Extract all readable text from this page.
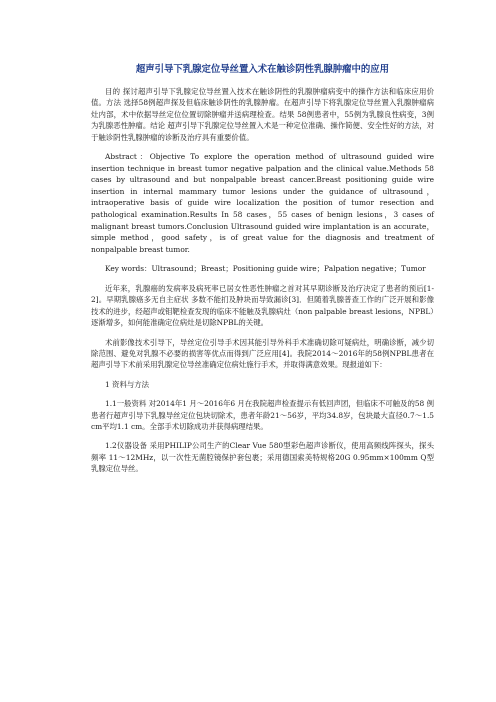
超声引导下乳腺定位导丝置入术在触诊阴性乳腺肿瘤中的应用

目的 探讨超声引导下乳腺定位导丝置入技术在触诊阴性的乳腺肿瘤病变中的操作方法和临床应用价值。方法 选择58例超声探及但临床触诊阴性的乳腺肿瘤。在超声引导下将乳腺定位导丝置入乳腺肿瘤病灶内部，术中依据导丝定位位置切除肿瘤并送病理检查。结果 58例患者中，55例为乳腺良性病变，3例为乳腺恶性肿瘤。结论 超声引导下乳腺定位导丝置入术是一种定位准确、操作简便、安全性好的方法，对于触诊阴性乳腺肿瘤的诊断及治疗具有重要价值。

Abstract：Objective To explore the operation method of ultrasound guided wire insertion technique in breast tumor negative palpation and the clinical value.Methods 58 cases by ultrasound and but nonpalpable breast cancer.Breast positioning guide wire insertion in internal mammary tumor lesions under the guidance of ultrasound，intraoperative basis of guide wire localization the position of tumor resection and pathological examination.Results In 58 cases，55 cases of benign lesions，3 cases of malignant breast tumors.Conclusion Ultrasound guided wire implantation is an accurate，simple method，good safety，is of great value for the diagnosis and treatment of nonpalpable breast tumor.

Key words：Ultrasound；Breast；Positioning guide wire；Palpation negative；Tumor

近年来，乳腺癌的发病率及病死率已居女性恶性肿瘤之首对其早期诊断及治疗决定了患者的预后[1-2]。早期乳腺癌多无自主症状 多数不能扪及肿块而导致漏诊[3]．但随着乳腺普查工作的广泛开展和影像技术的进步，经超声或钼靶检查发现的临床不能触及乳腺病灶（non palpable breast lesions，NPBL）逐渐增多，如何能准确定位病灶是切除NPBL的关键。

术前影像技术引导下，导丝定位引导手术因其能引导外科手术准确切除可疑病灶，明确诊断，减少切除范围、避免对乳腺不必要的损害等优点而得到广泛应用[4]。我院2014～2016年的58例NPBL患者在超声引导下术前采用乳腺定位导丝准确定位病灶施行手术，并取得满意效果。现报道如下：

1 资料与方法

1.1一般资料 对2014年1 月～2016年6 月在我院超声检查提示有低回声团，但临床不可触及的58 例患者行超声引导下乳腺导丝定位包块切除术，患者年龄21～56岁，平均34.8岁，包块最大直径0.7～1.5 cm平均1.1 cm。全部手术切除成功并获得病理结果。

1.2仪器设备 采用PHILIP公司生产的Clear Vue 580型彩色超声诊断仪，使用高频线阵探头，探头频率 11～12MHz，以一次性无菌腔镜保护套包裹；采用德国索美特规格20G 0.95mm×100mm Q型乳腺定位导丝。
